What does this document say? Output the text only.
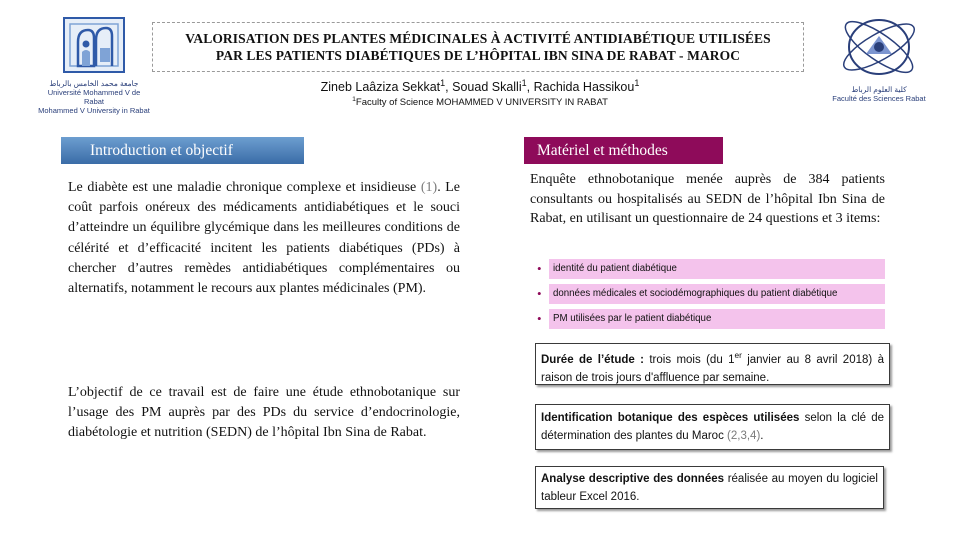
جامعة محمد الخامس بالرباط
Université Mohammed V de Rabat
Mohammed V University in Rabat
كلية العلوم الرباط
Faculté des Sciences Rabat
VALORISATION DES PLANTES MÉDICINALES À ACTIVITÉ ANTIDIABÉTIQUE UTILISÉES
PAR LES PATIENTS DIABÉTIQUES DE L’HÔPITAL IBN SINA DE RABAT - MAROC
Zineb Laâziza Sekkat$^1$, Souad Skalli$^1$, Rachida Hassikou$^1$
$^1$Faculty of Science MOHAMMED V UNIVERSITY IN RABAT
Introduction et objectif
Le diabète est une maladie chronique complexe et insidieuse (1). Le coût parfois onéreux des médicaments antidiabétiques et le souci d’atteindre un équilibre glycémique dans les meilleures conditions de célérité et d’efficacité incitent les patients diabétiques (PDs) à chercher d’autres remèdes antidiabétiques complémentaires ou alternatifs, notamment le recours aux plantes médicinales (PM).
L’objectif de ce travail est de faire une étude ethnobotanique sur l’usage des PM auprès par des PDs du service d’endocrinologie, diabétologie et nutrition (SEDN) de l’hôpital Ibn Sina de Rabat.
Matériel et méthodes
Enquête ethnobotanique menée auprès de 384 patients consultants ou hospitalisés au SEDN de l’hôpital Ibn Sina de Rabat, en utilisant un questionnaire de 24 questions et 3 items:
•	identité du patient diabétique
•	données médicales et sociodémographiques du patient diabétique
•	PM utilisées par le patient diabétique
Durée de l’étude : trois mois (du 1er janvier au 8 avril 2018) à raison de trois jours d'affluence par semaine.
Identification botanique des espèces utilisées selon la clé de détermination des plantes du Maroc (2,3,4).
Analyse descriptive des données réalisée au moyen du logiciel tableur Excel 2016.
